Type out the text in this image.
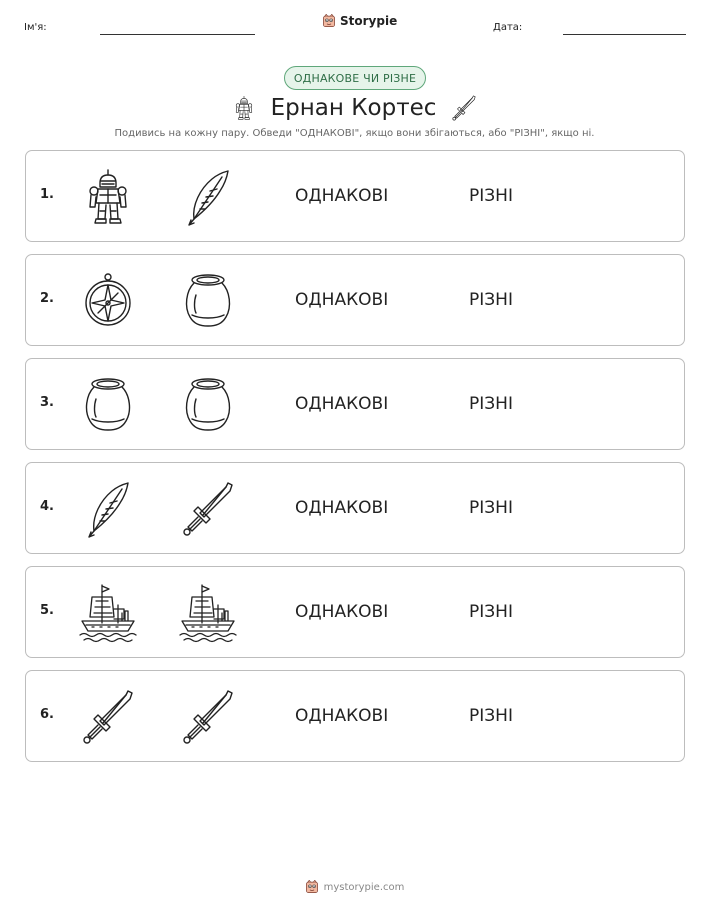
Ім'я:	Storypie	Дата:
ОДНАКОВЕ ЧИ РІЗНЕ
Ернан Кортес
Подивись на кожну пару. Обведи "ОДНАКОВІ", якщо вони збігаються, або "РІЗНІ", якщо ні.
1.	ОДНАКОВІ	РІЗНІ
2.	ОДНАКОВІ	РІЗНІ
3.	ОДНАКОВІ	РІЗНІ
4.	ОДНАКОВІ	РІЗНІ
5.	ОДНАКОВІ	РІЗНІ
6.	ОДНАКОВІ	РІЗНІ
mystorypie.com
